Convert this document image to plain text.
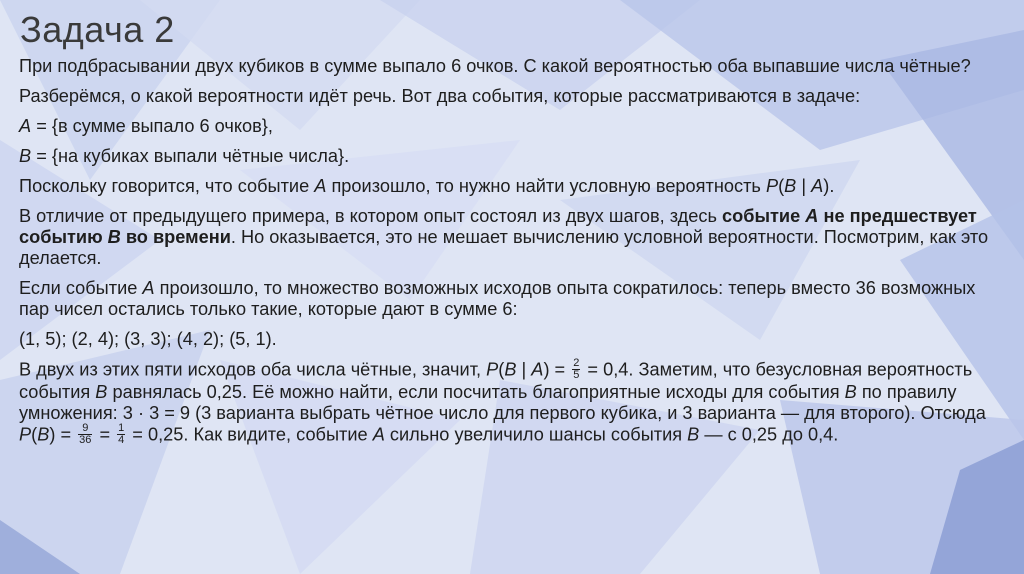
Задача 2

При подбрасывании двух кубиков в сумме выпало 6 очков. С какой вероятностью оба выпавшие числа чётные?

Разберёмся, о какой вероятности идёт речь. Вот два события, которые рассматриваются в задаче:

A = {в сумме выпало 6 очков},

B = {на кубиках выпали чётные числа}.

Поскольку говорится, что событие A произошло, то нужно найти условную вероятность P(B | A).

В отличие от предыдущего примера, в котором опыт состоял из двух шагов, здесь событие A не предшествует событию B во времени. Но оказывается, это не мешает вычислению условной вероятности. Посмотрим, как это делается.

Если событие A произошло, то множество возможных исходов опыта сократилось: теперь вместо 36 возможных пар чисел остались только такие, которые дают в сумме 6:

(1, 5); (2, 4); (3, 3); (4, 2); (5, 1).

В двух из этих пяти исходов оба числа чётные, значит, P(B | $A) = \frac{2}{5} = 0,4$. Заметим, что безусловная вероятность события B равнялась 0,25. Её можно найти, если посчитать благоприятные исходы для события B по правилу умножения: 3 · 3 = 9 (3 варианта выбрать чётное число для первого кубика, и 3 варианта — для второго). Отсюда $P(B) = \frac{9}{36} = \frac{1}{4} = 0,25$. Как видите, событие A сильно увеличило шансы события B — с 0,25 до 0,4.
